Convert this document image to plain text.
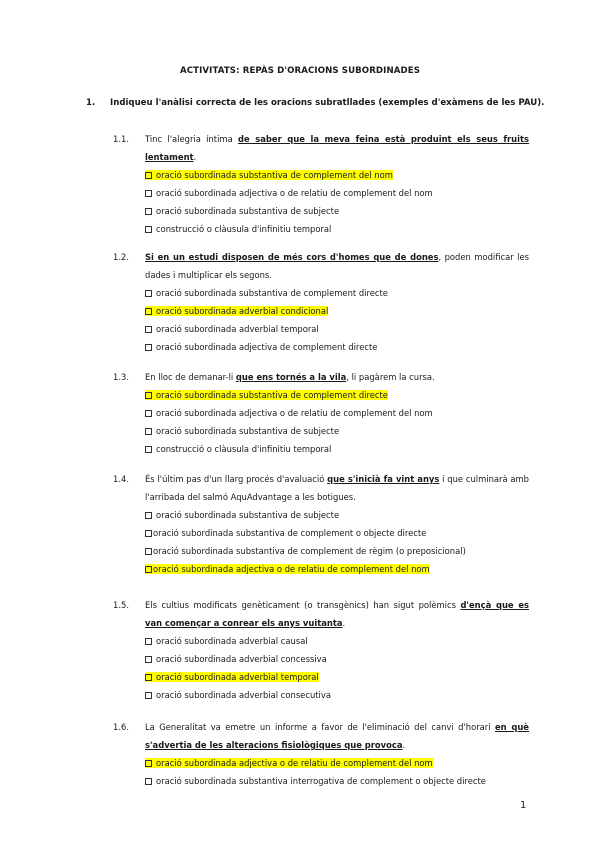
ACTIVITATS: REPÀS D'ORACIONS SUBORDINADES
1. Indiqueu l'anàlisi correcta de les oracions subratllades (exemples d'exàmens de les PAU).
1.1. Tinc l'alegria íntima de saber que la meva feina està produint els seus fruits lentament.
oració subordinada substantiva de complement del nom
oració subordinada adjectiva o de relatiu de complement del nom
oració subordinada substantiva de subjecte
construcció o clàusula d'infinitiu temporal
1.2. Si en un estudi disposen de més cors d'homes que de dones, poden modificar les dades i multiplicar els segons.
oració subordinada substantiva de complement directe
oració subordinada adverbial condicional
oració subordinada adverbial temporal
oració subordinada adjectiva de complement directe
1.3. En lloc de demanar-li que ens tornés a la vila, li pagàrem la cursa.
oració subordinada substantiva de complement directe
oració subordinada adjectiva o de relatiu de complement del nom
oració subordinada substantiva de subjecte
construcció o clàusula d'infinitiu temporal
1.4. És l'últim pas d'un llarg procés d'avaluació que s'inicià fa vint anys i que culminarà amb l'arribada del salmó AquAdvantage a les botigues.
oració subordinada substantiva de subjecte
oració subordinada substantiva de complement o objecte directe
oració subordinada substantiva de complement de règim (o preposicional)
oració subordinada adjectiva o de relatiu de complement del nom
1.5. Els cultius modificats genèticament (o transgènics) han sigut polèmics d'ençà que es van començar a conrear els anys vuitanta.
oració subordinada adverbial causal
oració subordinada adverbial concessiva
oració subordinada adverbial temporal
oració subordinada adverbial consecutiva
1.6. La Generalitat va emetre un informe a favor de l'eliminació del canvi d'horari en què s'advertia de les alteracions fisiològiques que provoca.
oració subordinada adjectiva o de relatiu de complement del nom
oració subordinada substantiva interrogativa de complement o objecte directe
1
